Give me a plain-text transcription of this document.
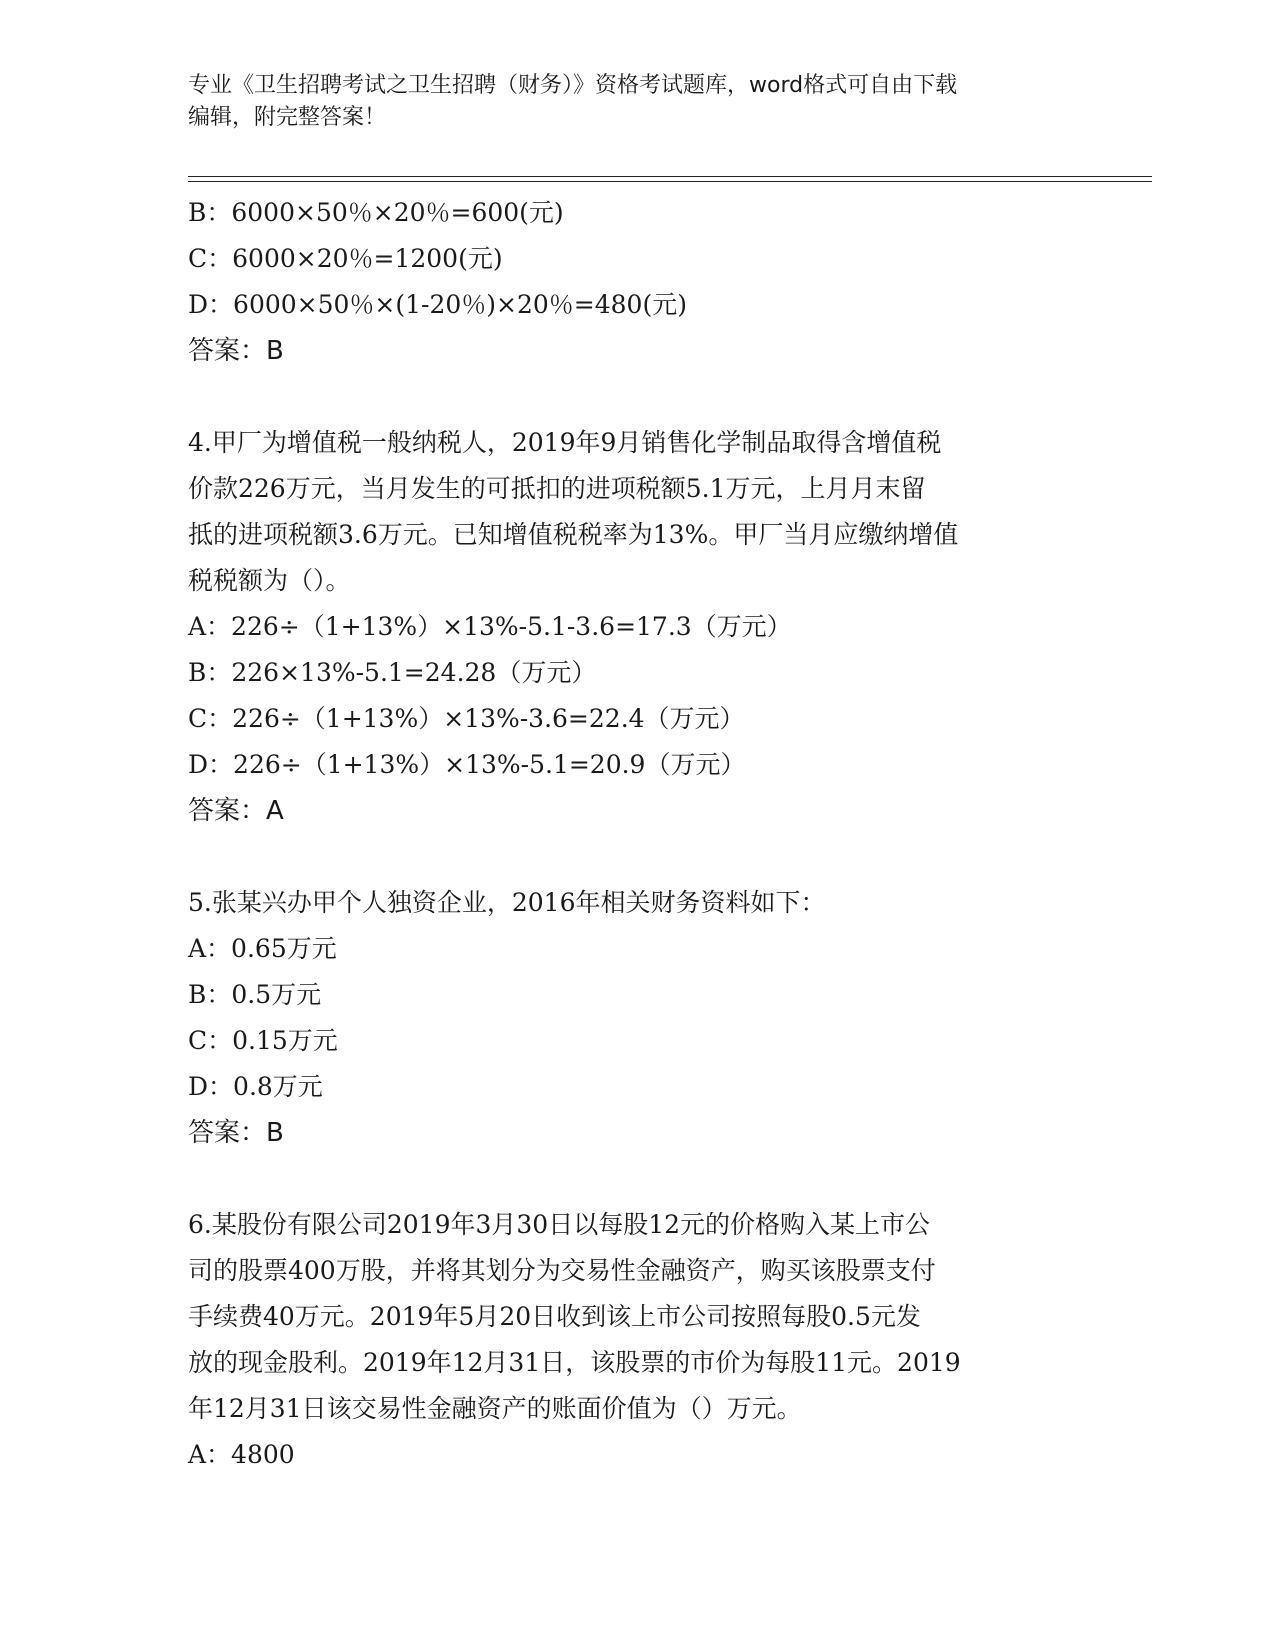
专业《卫生招聘考试之卫生招聘（财务）》资格考试题库，word格式可自由下载

编辑，附完整答案！

B：6000×50％×20％=600(元)

C：6000×20％=1200(元)

D：6000×50％×(1-20％)×20％=480(元)

答案：B

4.甲厂为增值税一般纳税人，2019年9月销售化学制品取得含增值税

价款226万元，当月发生的可抵扣的进项税额5.1万元，上月月末留

抵的进项税额3.6万元。已知增值税税率为13%。甲厂当月应缴纳增值

税税额为（）。

A：226÷（1+13%）×13%-5.1-3.6=17.3（万元）

B：226×13%-5.1=24.28（万元）

C：226÷（1+13%）×13%-3.6=22.4（万元）

D：226÷（1+13%）×13%-5.1=20.9（万元）

答案：A

5.张某兴办甲个人独资企业，2016年相关财务资料如下：

A：0.65万元

B：0.5万元

C：0.15万元

D：0.8万元

答案：B

6.某股份有限公司2019年3月30日以每股12元的价格购入某上市公

司的股票400万股，并将其划分为交易性金融资产，购买该股票支付

手续费40万元。2019年5月20日收到该上市公司按照每股0.5元发

放的现金股利。2019年12月31日，该股票的市价为每股11元。2019

年12月31日该交易性金融资产的账面价值为（）万元。

A：4800
